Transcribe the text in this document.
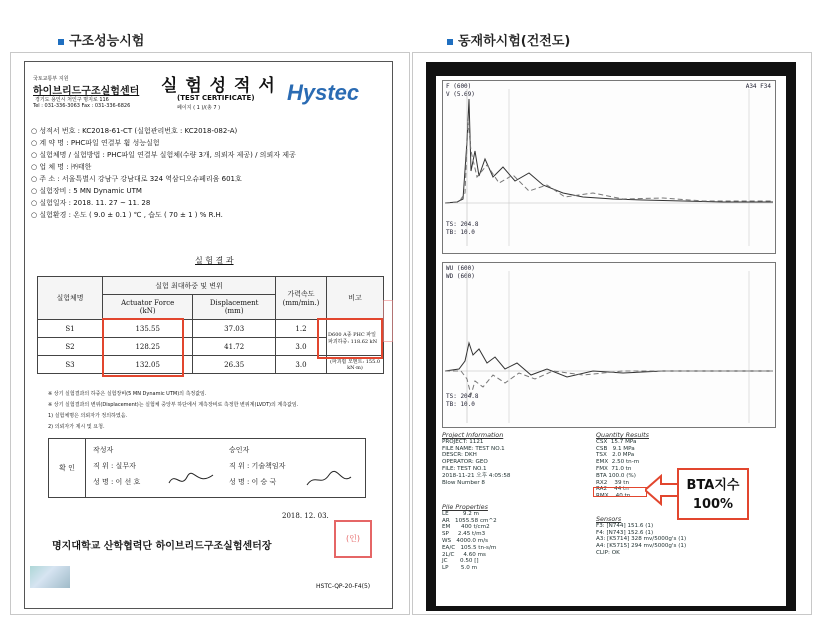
구조성능시험	동재하시험(건전도)
국토교통부 지원
하이브리드구조실험센터
경기도 용인시 처인구 명지로 116
Tel : 031-336-3063 Fax : 031-336-6826
실 험 성 적 서
(TEST CERTIFICATE)
페이지 ( 1 )/(총 7 )
Hystec
○ 성적서 번호 : KC2018-61-CT (실험관리번호 : KC2018-082-A)
○ 계 약 명 : PHC파일 연결부 휨 성능실험
○ 실험체명 / 실험방법 : PHC파일 연결부 실험체(수량 3개, 의뢰자 제공) / 의뢰자 제공
○ 업 체 명 : ㈜태한
○ 주 소 : 서울특별시 강남구 강남대로 324 역삼디오슈페리움 601호
○ 실험장비 : 5 MN Dynamic UTM
○ 실험일자 : 2018. 11. 27 ~ 11. 28
○ 실험환경 : 온도 ( 9.0 ± 0.1 ) ℃ , 습도 ( 70 ± 1 ) % R.H.
실 험 결 과
실험체명	실험 최대하중 및 변위		가력속도
(mm/min.)	비고
	Actuator Force
(kN)	Displacement
(mm)		
S1	135.55	37.03	1.2	D600 A종 PHC 파일 파괴하중: 118.62 kN
S2	128.25	41.72	3.0	
S3	132.05	26.35	3.0	(파괴휨 모멘트: 155.0 kN·m)
※ 상기 실험결과의 하중은 실험장비(5 MN Dynamic UTM)의 측정값임.
※ 상기 실험결과의 변위(Displacement)는 실험체 중앙부 하단에서 계측장비로 측정한 변위계(LVDT)의 계측값임.
1) 실험체명은 의뢰자가 정의하였음.
2) 의뢰자가 제시 및 요청.
확 인
작성자
직 위 : 실무자
성 명 : 이 선 호
승인자
직 위 : 기술책임자
성 명 : 이 승 국
2018. 12. 03.
명지대학교 산학협력단 하이브리드구조실험센터장
(인)
HSTC-QP-20-F4(5)
F (600)
V (5.69)
A34 F34
TS: 204.8
TB: 10.0
WU (600)
WD (600)
TS: 204.8
TB: 10.0
Project Information
PROJECT: 1121
FILE NAME: TEST NO.1
DESCR: DKH
OPERATOR: GEO
FILE: TEST NO.1
2018-11-21 오후 4:05:58
Blow Number 8
Pile Properties
LE        9.2 m
AR   1055.58 cm^2
EM      400 t/cm2
SP     2.45 t/m3
WS   4000.0 m/s
EA/C   105.5 tn-s/m
2L/C     4.60 ms
JC       0.50 []
LP       5.0 m
Quantity Results
CSX  15.7 MPa
CSB   9.1 MPa
TSX   2.0 MPa
EMX  2.50 tn-m
FMX  71.0 tn
BTA 100.0 (%)
RX2    39 tn
RA2    44 tn
RMX    40 tn
Sensors
F3: [N744] 151.6 (1)
F4: [N743] 152.6 (1)
A3: [K5714] 328 mv/5000g's (1)
A4: [K5715] 294 mv/5000g's (1)
CLIP: OK
BTA지수
100%
